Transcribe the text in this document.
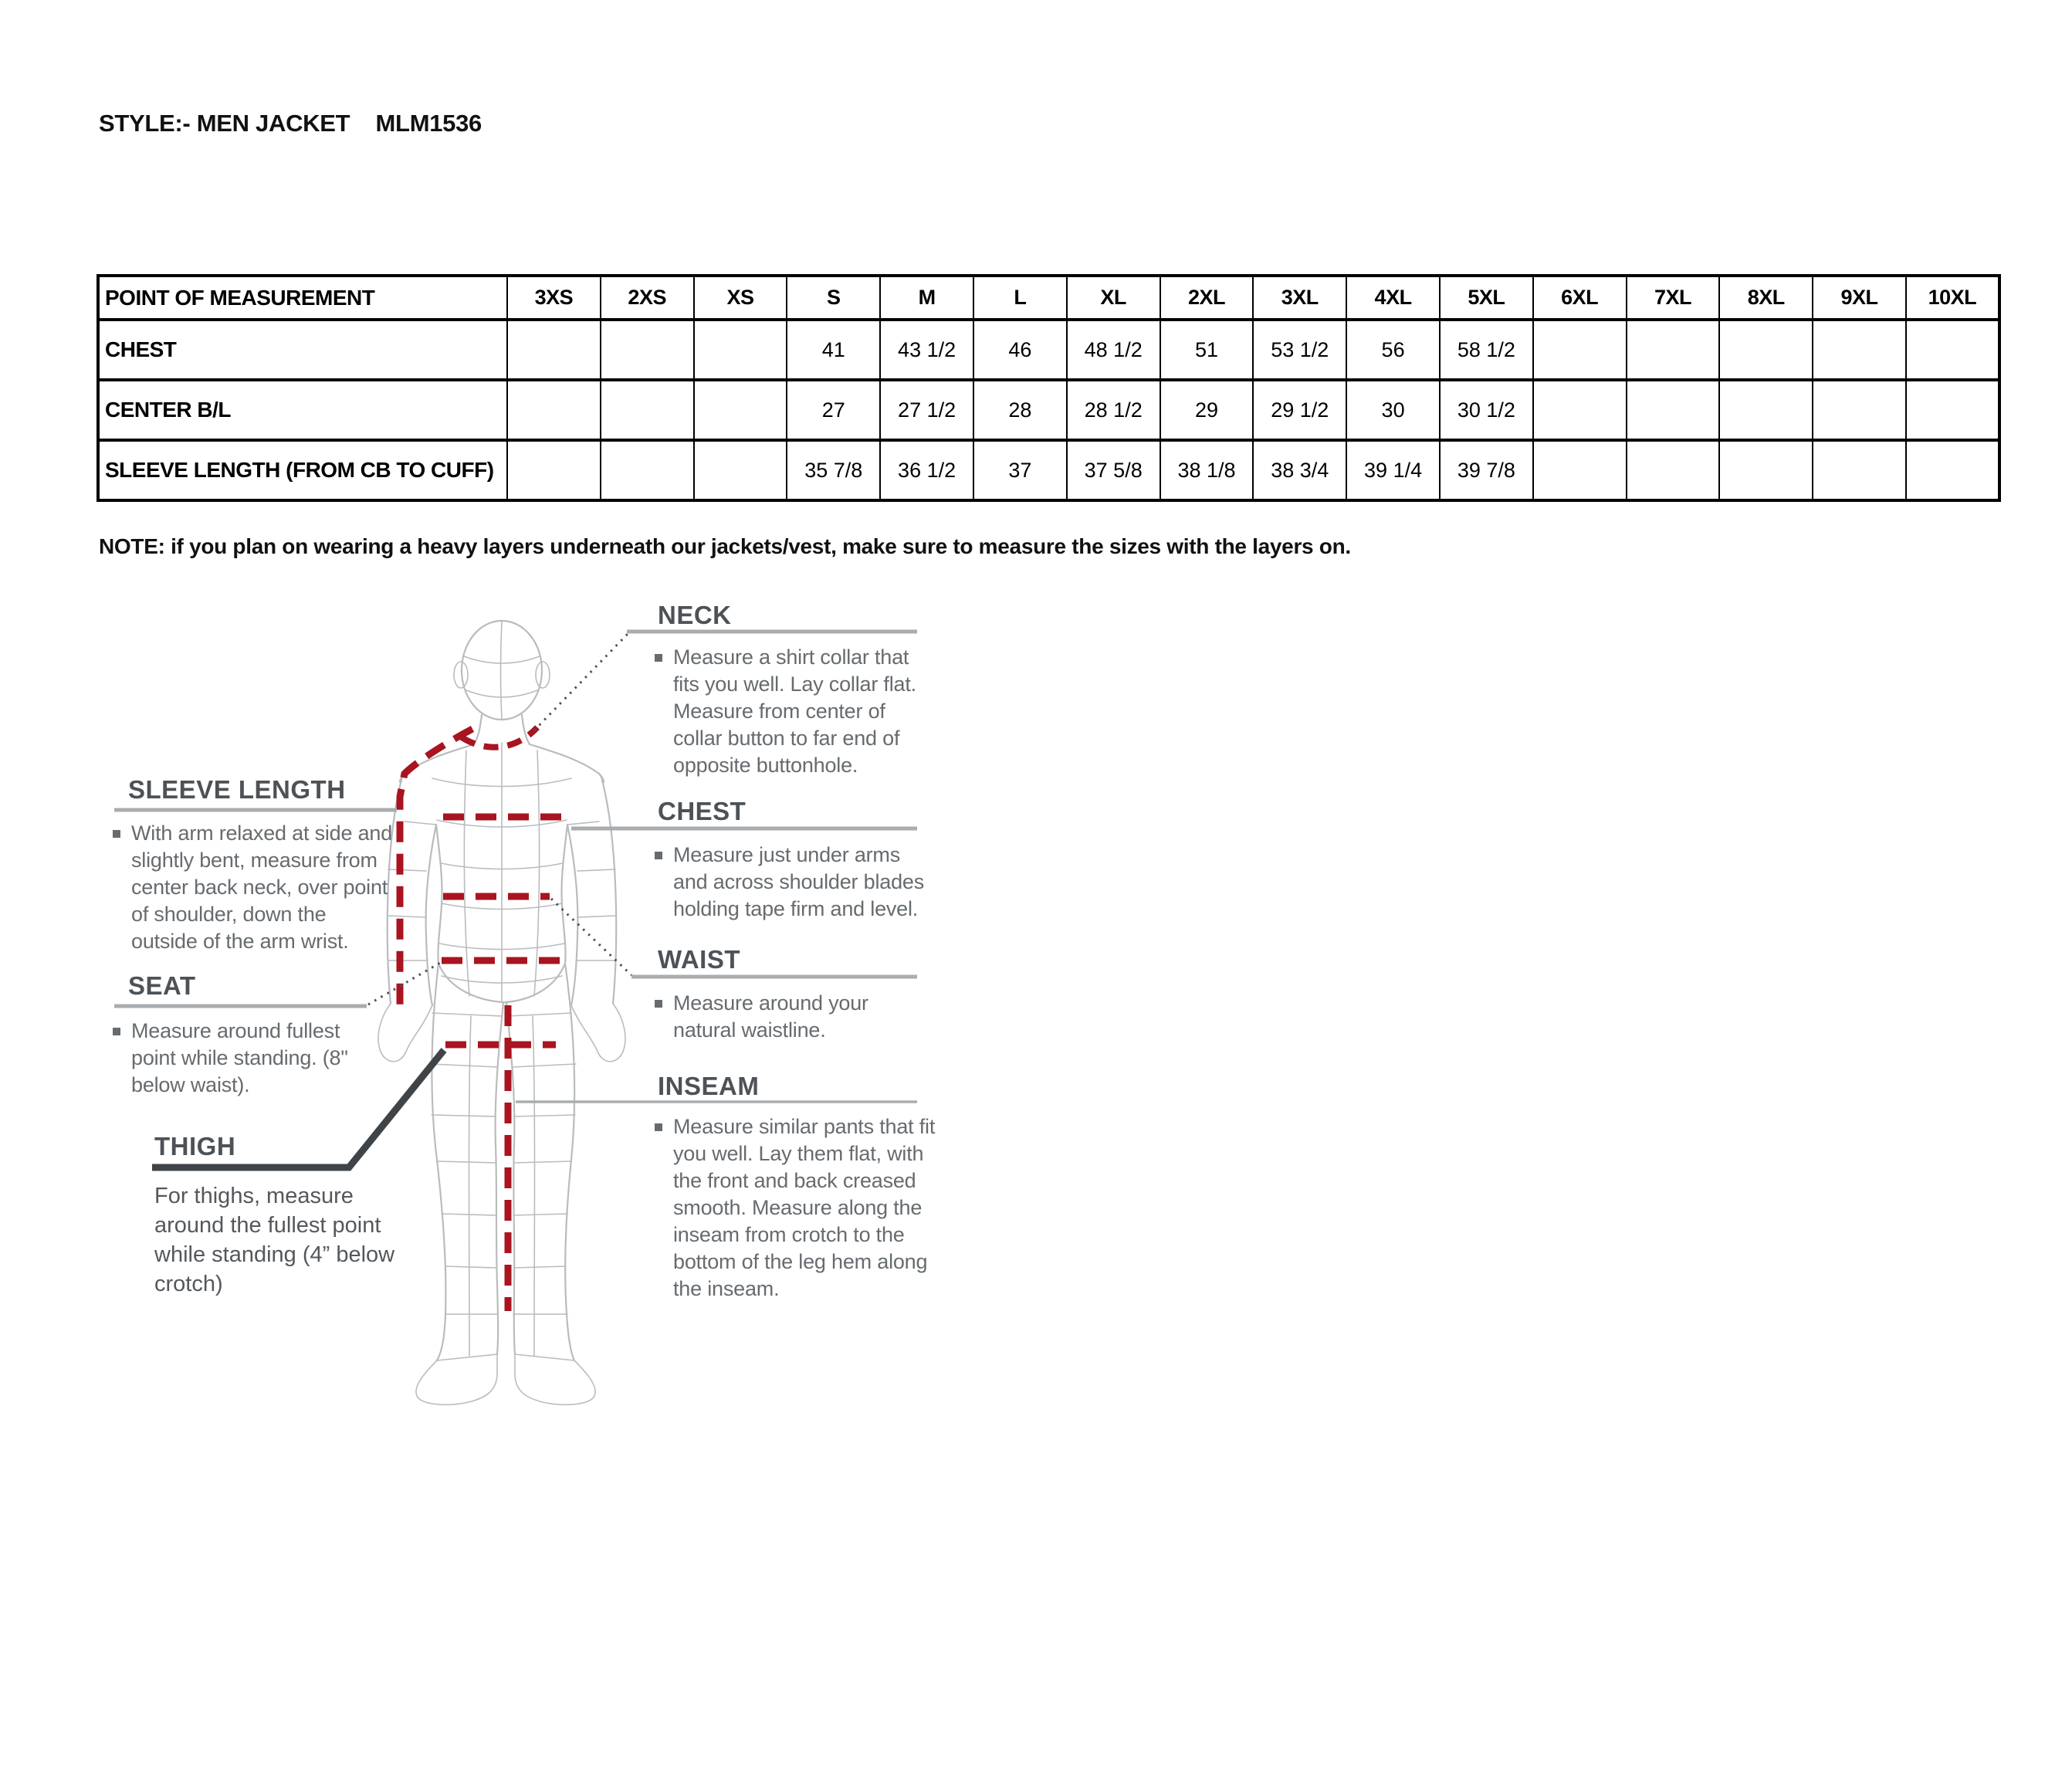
STYLE:- MEN JACKET    MLM1536
POINT OF MEASUREMENT	3XS	2XS	XS	S	M	L	XL	2XL	3XL	4XL	5XL	6XL	7XL	8XL	9XL	10XL
CHEST				41	43 1/2	46	48 1/2	51	53 1/2	56	58 1/2					
CENTER B/L				27	27 1/2	28	28 1/2	29	29 1/2	30	30 1/2					
SLEEVE LENGTH (FROM CB TO CUFF)				35 7/8	36 1/2	37	37 5/8	38 1/8	38 3/4	39 1/4	39 7/8					
NOTE: if you plan on wearing a heavy layers underneath our jackets/vest, make sure to measure the sizes with the layers on.
NECK

Measure a shirt collar that fits you well. Lay collar flat. Measure from center of collar button to far end of opposite buttonhole.

CHEST

Measure just under arms and across shoulder blades holding tape firm and level.

WAIST

Measure around your natural waistline.

INSEAM

Measure similar pants that fit you well. Lay them flat, with the front and back creased smooth. Measure along the inseam from crotch to the bottom of the leg hem along the inseam.

SLEEVE LENGTH

With arm relaxed at side and slightly bent, measure from center back neck, over point of shoulder, down the outside of the arm wrist.

SEAT

Measure around fullest point while standing. (8" below waist).

THIGH

For thighs, measure around the fullest point while standing (4” below crotch)
